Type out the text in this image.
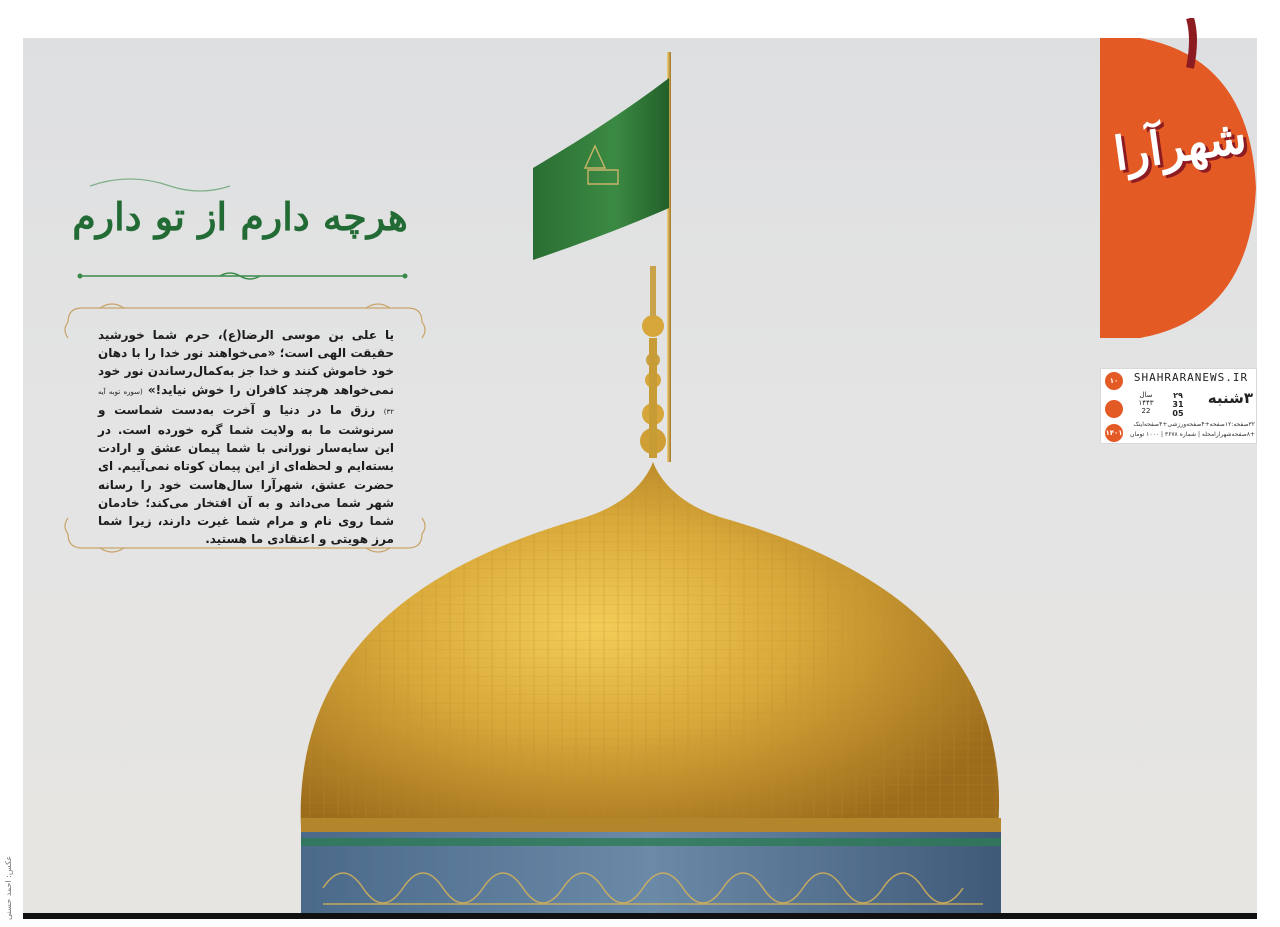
عکس: احمد حسنی
هرچه دارم از تو دارم
یا علی بن موسی الرضا(ع)، حرم شما خورشید حقیقت الهی است؛ «می‌خواهند نور خدا را با دهان خود خاموش کنند و خدا جز به‌کمال‌رساندن نور خود نمی‌خواهد هرچند کافران را خوش نیاید!» (سوره توبه آیه ۳۲) رزق ما در دنیا و آخرت به‌دست شماست و سرنوشت ما به ولایت شما گره خورده است. در این سایه‌سار نورانی با شما پیمان عشق و ارادت بسته‌ایم و لحظه‌ای از این پیمان کوتاه نمی‌آییم. ای حضرت عشق، شهرآرا سال‌هاست خود را رسانه شهر شما می‌داند و به آن افتخار می‌کند؛ خادمان شما روی نام و مرام شما غیرت دارند، زیرا شما مرز هویتی و اعتقادی ما هستید.
شهرآرا
SHAHRARANEWS.IR
۱۰
۱۴۰۱
۳شنبه
۲۹
31
05
سال
۱۴۴۳
22
۳۲صفحه:۱۲صفحه+۴صفحه‌ورزشی+۴صفحه‌اینک
+۸صفحه‌شهرآرامحله | شماره ۳۶۷۸ | ۱۰۰۰ تومان
